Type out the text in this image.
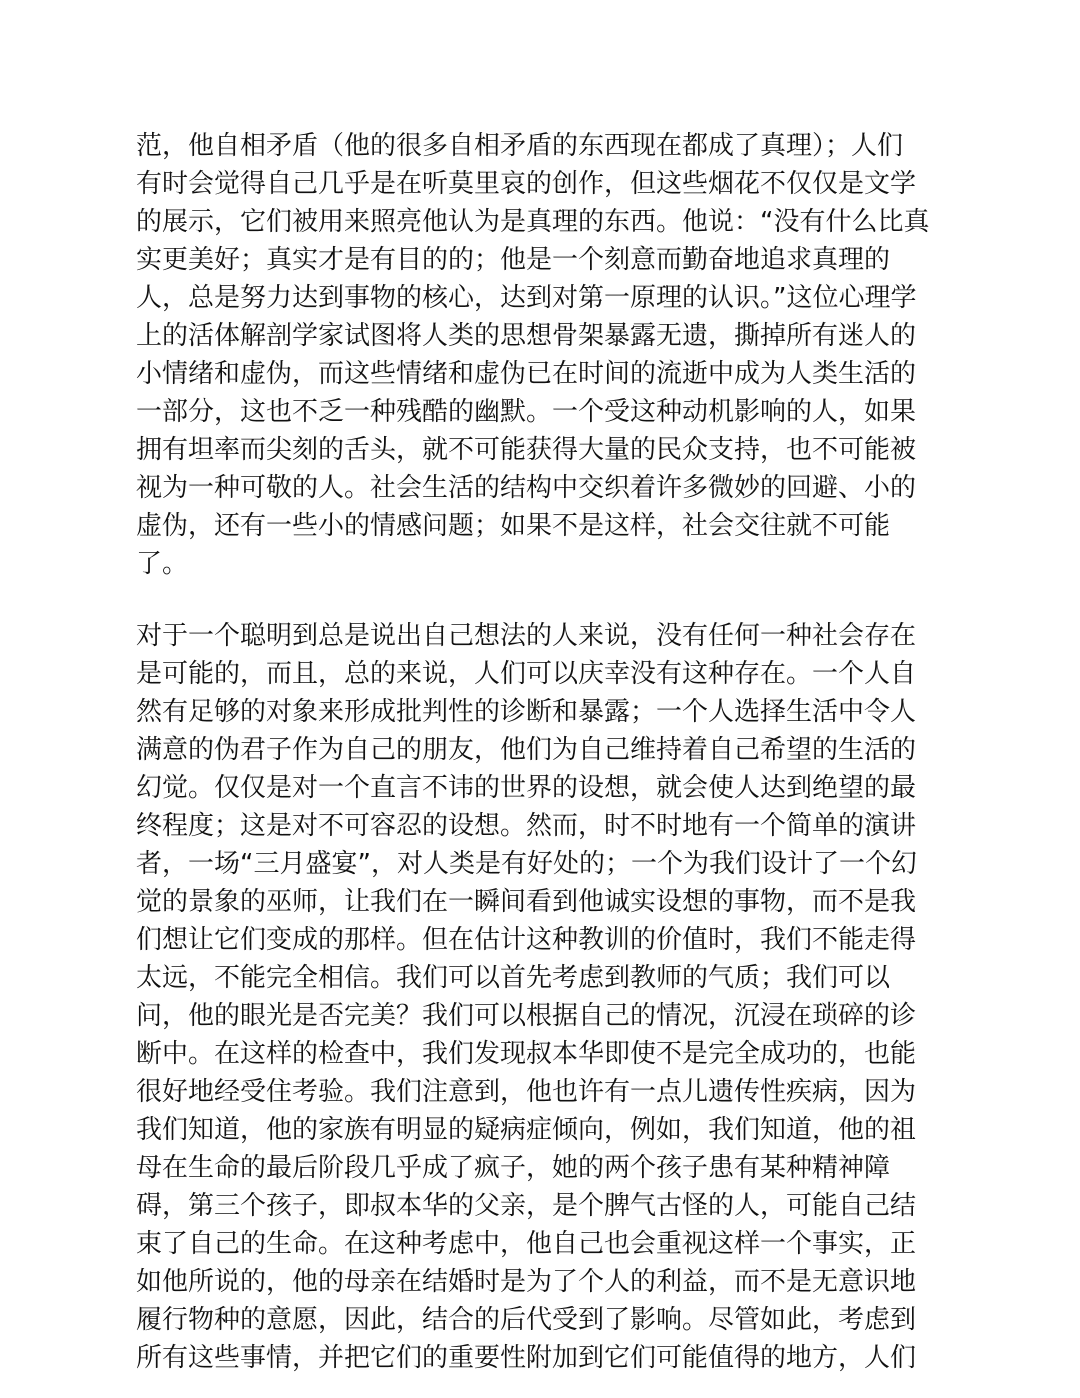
范，他自相矛盾（他的很多自相矛盾的东西现在都成了真理）；人们
有时会觉得自己几乎是在听莫里哀的创作，但这些烟花不仅仅是文学
的展示，它们被用来照亮他认为是真理的东西。他说：“没有什么比真
实更美好；真实才是有目的的；他是一个刻意而勤奋地追求真理的
人，总是努力达到事物的核心，达到对第一原理的认识。”这位心理学
上的活体解剖学家试图将人类的思想骨架暴露无遗，撕掉所有迷人的
小情绪和虚伪，而这些情绪和虚伪已在时间的流逝中成为人类生活的
一部分，这也不乏一种残酷的幽默。一个受这种动机影响的人，如果
拥有坦率而尖刻的舌头，就不可能获得大量的民众支持，也不可能被
视为一种可敬的人。社会生活的结构中交织着许多微妙的回避、小的
虚伪，还有一些小的情感问题；如果不是这样，社会交往就不可能
了。
对于一个聪明到总是说出自己想法的人来说，没有任何一种社会存在
是可能的，而且，总的来说，人们可以庆幸没有这种存在。一个人自
然有足够的对象来形成批判性的诊断和暴露；一个人选择生活中令人
满意的伪君子作为自己的朋友，他们为自己维持着自己希望的生活的
幻觉。仅仅是对一个直言不讳的世界的设想，就会使人达到绝望的最
终程度；这是对不可容忍的设想。然而，时不时地有一个简单的演讲
者，一场“三月盛宴”，对人类是有好处的；一个为我们设计了一个幻
觉的景象的巫师，让我们在一瞬间看到他诚实设想的事物，而不是我
们想让它们变成的那样。但在估计这种教训的价值时，我们不能走得
太远，不能完全相信。我们可以首先考虑到教师的气质；我们可以
问，他的眼光是否完美？我们可以根据自己的情况，沉浸在琐碎的诊
断中。在这样的检查中，我们发现叔本华即使不是完全成功的，也能
很好地经受住考验。我们注意到，他也许有一点儿遗传性疾病，因为
我们知道，他的家族有明显的疑病症倾向，例如，我们知道，他的祖
母在生命的最后阶段几乎成了疯子，她的两个孩子患有某种精神障
碍，第三个孩子，即叔本华的父亲，是个脾气古怪的人，可能自己结
束了自己的生命。在这种考虑中，他自己也会重视这样一个事实，正
如他所说的，他的母亲在结婚时是为了个人的利益，而不是无意识地
履行物种的意愿，因此，结合的后代受到了影响。尽管如此，考虑到
所有这些事情，并把它们的重要性附加到它们可能值得的地方，人们
